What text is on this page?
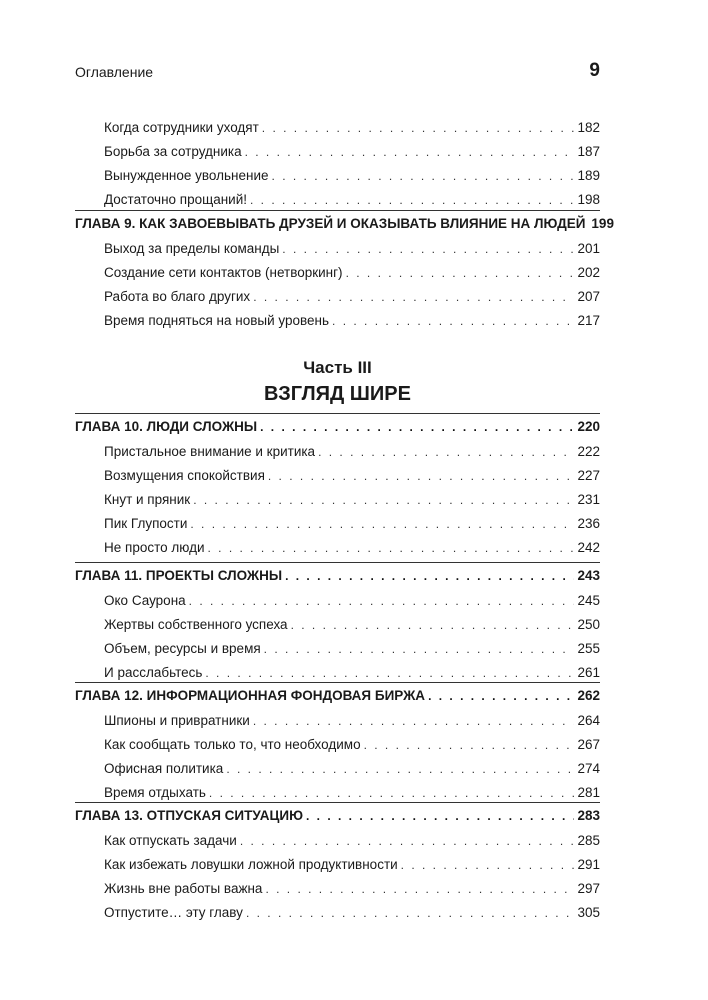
Оглавление	9
Когда сотрудники уходят . . .	182
Борьба за сотрудника . . .	187
Вынужденное увольнение . . .	189
Достаточно прощаний! . . .	198
ГЛАВА 9. КАК ЗАВОЕВЫВАТЬ ДРУЗЕЙ И ОКАЗЫВАТЬ ВЛИЯНИЕ НА ЛЮДЕЙ 199
Выход за пределы команды . . .	201
Создание сети контактов (нетворкинг) . . .	202
Работа во благо других . . .	207
Время подняться на новый уровень . . .	217
Часть III
ВЗГЛЯД ШИРЕ
ГЛАВА 10. ЛЮДИ СЛОЖНЫ . . .	220
Пристальное внимание и критика . . .	222
Возмущения спокойствия . . .	227
Кнут и пряник . . .	231
Пик Глупости . . .	236
Не просто люди . . .	242
ГЛАВА 11. ПРОЕКТЫ СЛОЖНЫ . . .	243
Око Саурона . . .	245
Жертвы собственного успеха . . .	250
Объем, ресурсы и время . . .	255
И расслабьтесь . . .	261
ГЛАВА 12. ИНФОРМАЦИОННАЯ ФОНДОВАЯ БИРЖА . . .	262
Шпионы и привратники . . .	264
Как сообщать только то, что необходимо . . .	267
Офисная политика . . .	274
Время отдыхать . . .	281
ГЛАВА 13. ОТПУСКАЯ СИТУАЦИЮ . . .	283
Как отпускать задачи . . .	285
Как избежать ловушки ложной продуктивности . . .	291
Жизнь вне работы важна . . .	297
Отпустите… эту главу . . .	305
